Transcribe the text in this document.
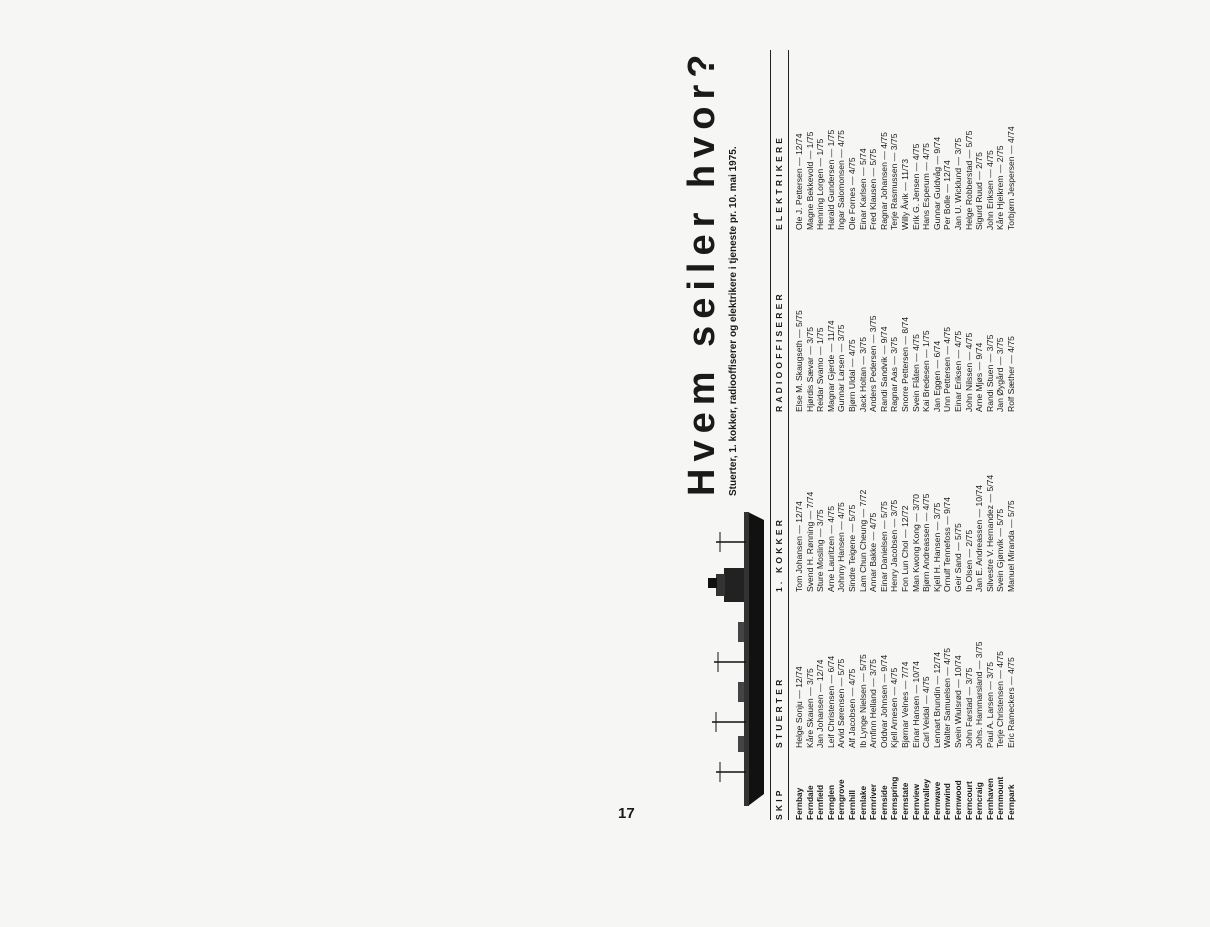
Hvem seiler hvor? Stuerter, 1. kokker, radiooffiserer og elektrikere i tjeneste pr. 10. mai 1975.
SKIP
STUERTER
1. KOKKER
RADIOOFFISERER
ELEKTRIKERE
Fernbay Ferndale Fernfield Fernglen Ferngrove Fernhill Fernlake Fernriver Fernside Fernspring Fernstate Fernview Fernvalley Fernwave Fernwind Fernwood Ferncourt Ferncraig Fernhaven Fernmount Fernpark
Helge Sonju — 12/74 Kåre Skauen — 3/75 Jan Johansen — 12/74 Leif Christensen — 6/74 Arvid Sørensen — 5/75 Alf Jacobsen — 4/75 Ib Lynge Nielsen — 5/75 Arnfinn Helland — 3/75 Oddvar Johnsen — 9/74 Kjell Arnesen — 4/75 Bjørnar Velnes — 7/74 Einar Hansen — 10/74 Carl Veidal — 4/75 Lennart Brundin — 12/74 Walter Samuelsen — 4/75 Svein Wiulsrød — 10/74 John Farstad — 3/75 Johs. Hammarsland — 3/75 Paul A. Larsen — 3/75 Terje Christensen — 4/75 Eric Rameckers — 4/75
Tom Johansen — 12/74 Svend H. Rønning — 7/74 Sture Mosling — 3/75 Arne Lauritzen — 4/75 Johnny Hansen — 4/75 Sindre Teigene — 5/75 Lam Chun Cheung — 7/72 Annar Bakke — 4/75 Einar Danielsen — 5/75 Henry Jacobsen — 3/75 Fon Lun Chol — 12/72 Man Kwong Kong — 3/70 Bjørn Andreassen — 4/75 Kjell H. Hansen — 3/75 Ornulf Tennefoss — 9/74 Geir Sand — 5/75 Ib Olsen — 2/75 Jan E. Andreassen — 10/74 Silvestre V. Hernandez — 5/74 Svein Gjønvik — 5/75 Manuel Miranda — 5/75
Else M. Skaugseth — 5/75 Hjørdis Sævar — 3/75 Reidar Svamo — 1/75 Magnar Gjerde — 11/74 Gunnar Larsen — 3/75 Bjørn Uldal — 4/75 Jack Holtan — 3/75 Anders Pedersen — 3/75 Randi Sandvik — 9/74 Ragnar Aas — 3/75 Snorre Pettersen — 8/74 Svein Flåten — 4/75 Kai Bredesen — 1/75 Jan Eggen — 6/74 Unn Pettersen — 4/75 Einar Eriksen — 4/75 John Nilssen — 4/75 Arne Mjøs — 9/74 Randi Stuen — 3/75 Jan Øygård — 3/75 Rolf Sæther — 4/75
Ole J. Pettersen — 12/74 Magne Bekkevold — 1/75 Henning Lorgen — 1/75 Harald Gundersen — 1/75 Ingar Salomonsen — 4/75 Ole Fornes — 4/75 Einar Karlsen — 5/74 Fred Klausen — 5/75 Ragnar Johansen — 4/75 Terje Rasmussen — 3/75 Willy Åvik — 11/73 Erik G. Jensen — 4/75 Hans Esperum — 4/75 Gunnar Guldvåg — 9/74 Per Bolle — 12/74 Jan U. Wicklund — 3/75 Helge Robberstad — 5/75 Sigurd Ruud — 2/75 John Eriksen — 4/75 Kåre Hjelkrem — 2/75 Torbjørn Jespersen — 4/74
17
